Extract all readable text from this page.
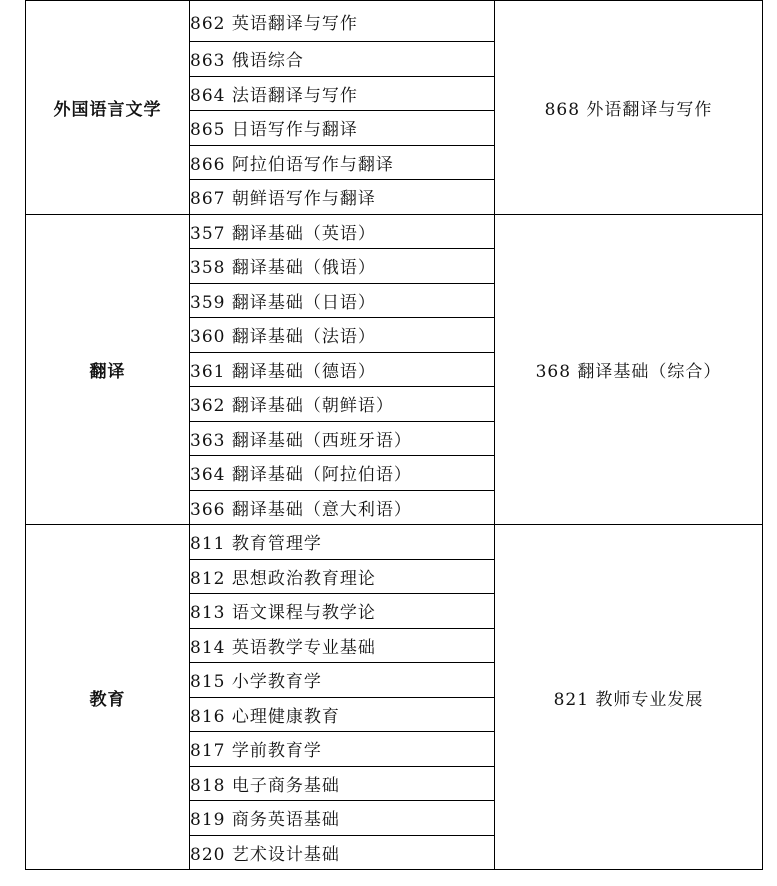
外国语言文学	862 英语翻译与写作	868 外语翻译与写作
	863 俄语综合	
	864 法语翻译与写作	
	865 日语写作与翻译	
	866 阿拉伯语写作与翻译	
	867 朝鲜语写作与翻译	
翻译	357 翻译基础（英语）	368 翻译基础（综合）
	358 翻译基础（俄语）	
	359 翻译基础（日语）	
	360 翻译基础（法语）	
	361 翻译基础（德语）	
	362 翻译基础（朝鲜语）	
	363 翻译基础（西班牙语）	
	364 翻译基础（阿拉伯语）	
	366 翻译基础（意大利语）	
教育	811 教育管理学	821 教师专业发展
	812 思想政治教育理论	
	813 语文课程与教学论	
	814 英语教学专业基础	
	815 小学教育学	
	816 心理健康教育	
	817 学前教育学	
	818 电子商务基础	
	819 商务英语基础	
	820 艺术设计基础	
